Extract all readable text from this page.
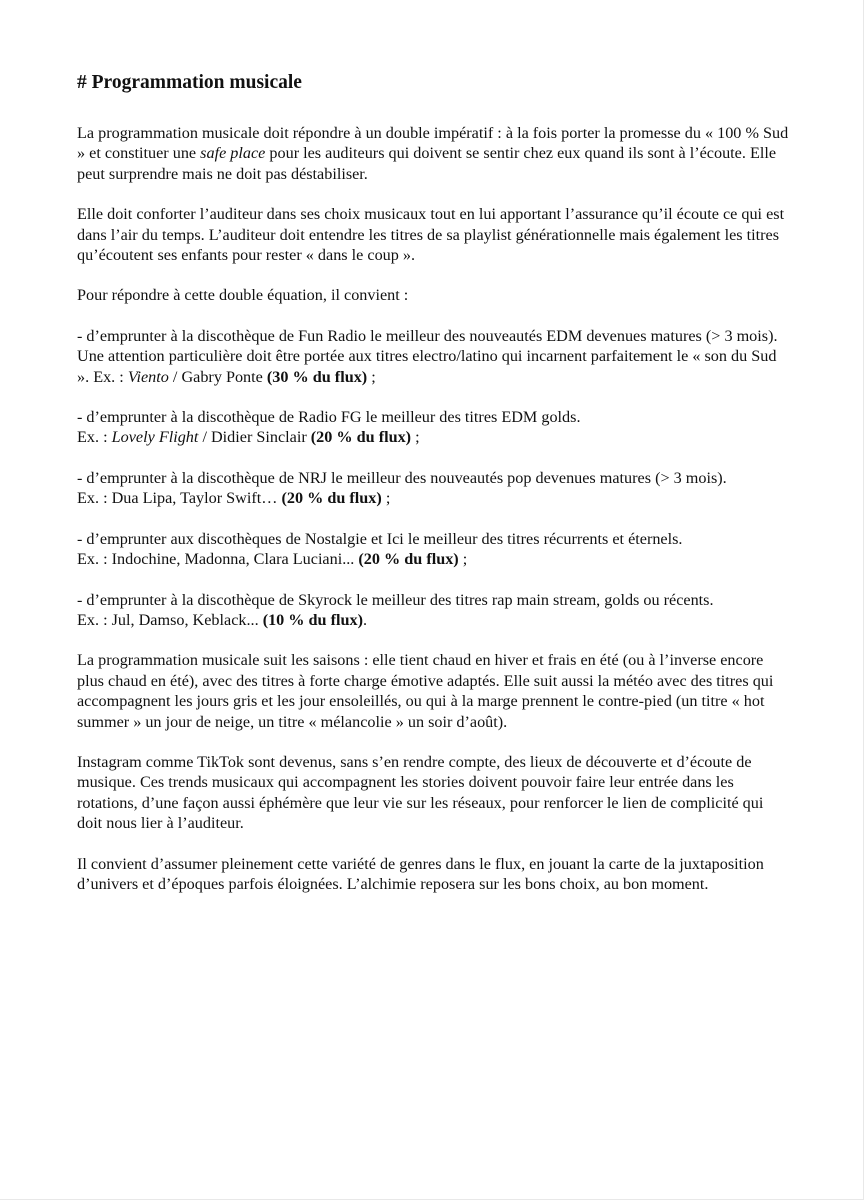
# Programmation musicale

La programmation musicale doit répondre à un double impératif : à la fois porter la promesse du « 100 % Sud » et constituer une safe place pour les auditeurs qui doivent se sentir chez eux quand ils sont à l’écoute. Elle peut surprendre mais ne doit pas déstabiliser.

Elle doit conforter l’auditeur dans ses choix musicaux tout en lui apportant l’assurance qu’il écoute ce qui est dans l’air du temps. L’auditeur doit entendre les titres de sa playlist générationnelle mais également les titres qu’écoutent ses enfants pour rester « dans le coup ».

Pour répondre à cette double équation, il convient :

- d’emprunter à la discothèque de Fun Radio le meilleur des nouveautés EDM devenues matures (> 3 mois). Une attention particulière doit être portée aux titres electro/latino qui incarnent parfaitement le « son du Sud ». Ex. : Viento / Gabry Ponte (30 % du flux) ;

- d’emprunter à la discothèque de Radio FG le meilleur des titres EDM golds.
Ex. : Lovely Flight / Didier Sinclair (20 % du flux) ;

- d’emprunter à la discothèque de NRJ le meilleur des nouveautés pop devenues matures (> 3 mois).
Ex. : Dua Lipa, Taylor Swift… (20 % du flux) ;

- d’emprunter aux discothèques de Nostalgie et Ici le meilleur des titres récurrents et éternels.
Ex. : Indochine, Madonna, Clara Luciani... (20 % du flux) ;

- d’emprunter à la discothèque de Skyrock le meilleur des titres rap main stream, golds ou récents.
Ex. : Jul, Damso, Keblack... (10 % du flux).

La programmation musicale suit les saisons : elle tient chaud en hiver et frais en été (ou à l’inverse encore plus chaud en été), avec des titres à forte charge émotive adaptés. Elle suit aussi la météo avec des titres qui accompagnent les jours gris et les jour ensoleillés, ou qui à la marge prennent le contre-pied (un titre « hot summer » un jour de neige, un titre « mélancolie » un soir d’août).

Instagram comme TikTok sont devenus, sans s’en rendre compte, des lieux de découverte et d’écoute de musique. Ces trends musicaux qui accompagnent les stories doivent pouvoir faire leur entrée dans les rotations, d’une façon aussi éphémère que leur vie sur les réseaux, pour renforcer le lien de complicité qui doit nous lier à l’auditeur.

Il convient d’assumer pleinement cette variété de genres dans le flux, en jouant la carte de la juxtaposition d’univers et d’époques parfois éloignées. L’alchimie reposera sur les bons choix, au bon moment.
